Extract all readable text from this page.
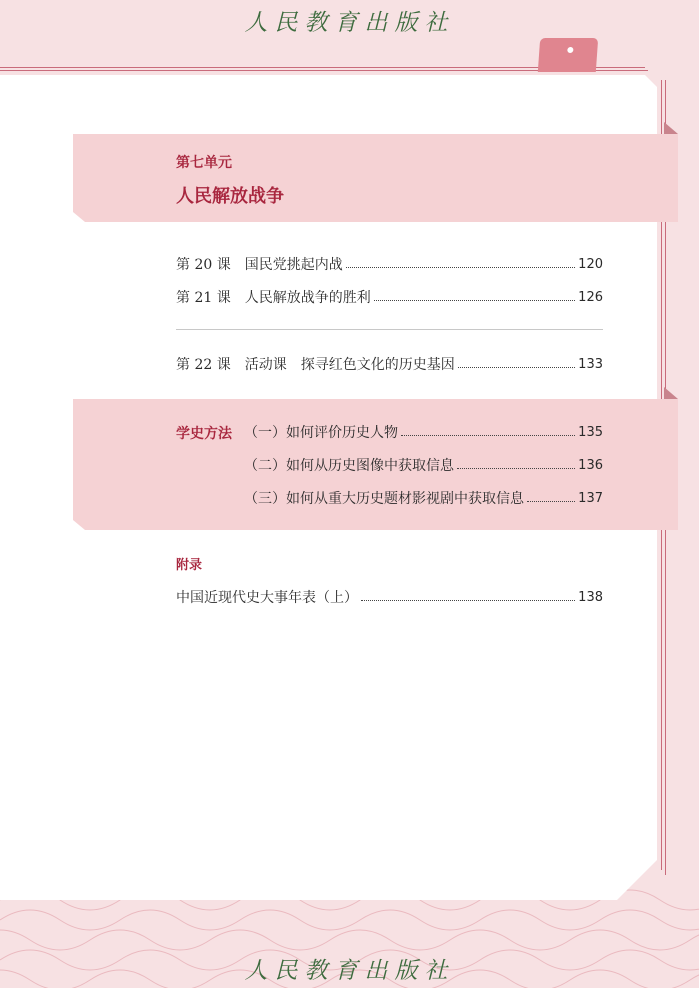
人民教育出版社
第七单元
人民解放战争
第 20 课 国民党挑起内战	120
第 21 课 人民解放战争的胜利	126
第 22 课 活动课　探寻红色文化的历史基因	133
学史方法 （一）如何评价历史人物	135
（二）如何从历史图像中获取信息	136
（三）如何从重大历史题材影视剧中获取信息	137
附录
中国近现代史大事年表（上）	138
人民教育出版社
